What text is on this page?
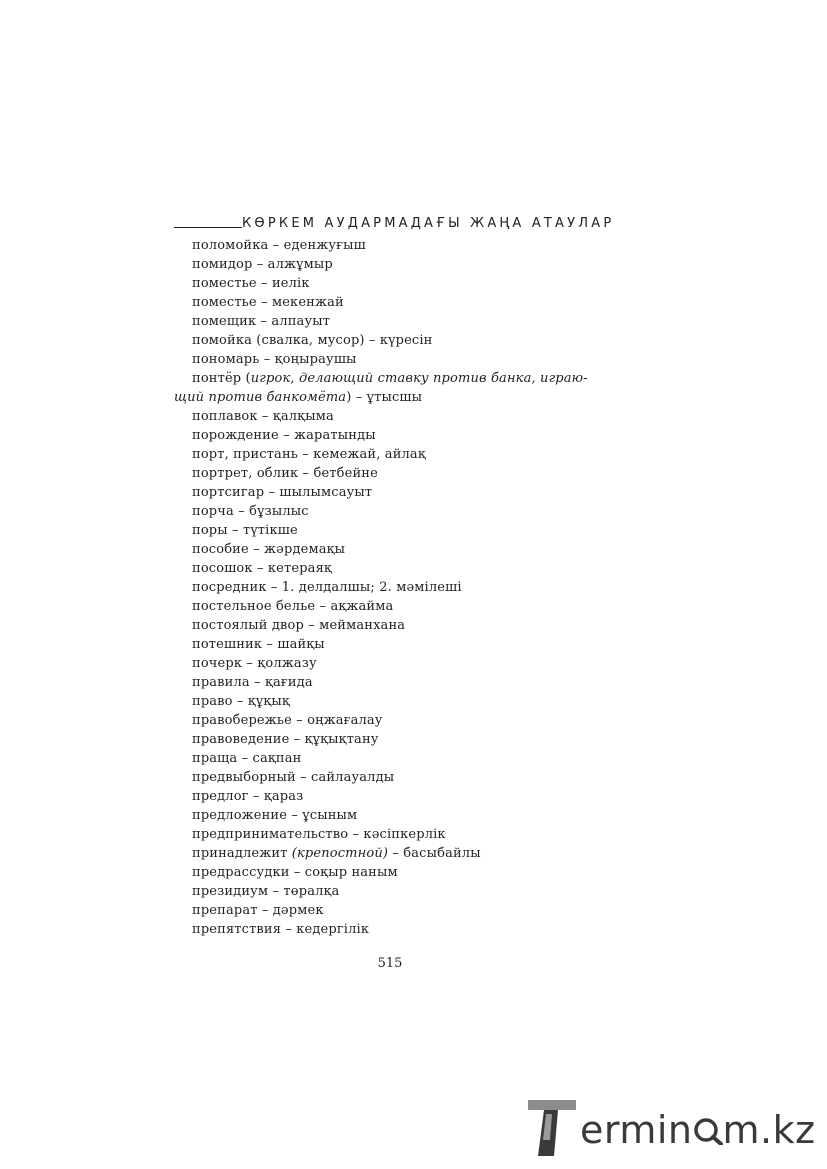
КӨРКЕМ АУДАРМАДАҒЫ ЖАҢА АТАУЛАР
поломойка – еденжуғыш
помидор – алжұмыр
поместье – иелік
поместье – мекенжай
помещик – алпауыт
помойка (свалка, мусор) – күресін
пономарь – қоңыраушы
понтёр (игрок, делающий ставку против банка, играю-
щий против банкомёта) – ұтысшы
поплавок – қалқыма
порождение – жаратынды
порт, пристань – кемежай, айлақ
портрет, облик – бетбейне
портсигар – шылымсауыт
порча – бұзылыс
поры – түтікше
пособие – жәрдемақы
посошок – кетераяқ
посредник – 1. делдалшы; 2. мәмілеші
постельное белье – ақжайма
постоялый двор – мейманхана
потешник – шайқы
почерк – қолжазу
правила – қағида
право – құқық
правобережье – оңжағалау
правоведение – құқықтану
праща – сақпан
предвыборный – сайлауалды
предлог – қараз
предложение – ұсыным
предпринимательство – кәсіпкерлік
принадлежит (крепостной) – басыбайлы
предрассудки – соқыр наным
президиум – төралқа
препарат – дәрмек
препятствия – кедергілік
515
ermin m.kz
